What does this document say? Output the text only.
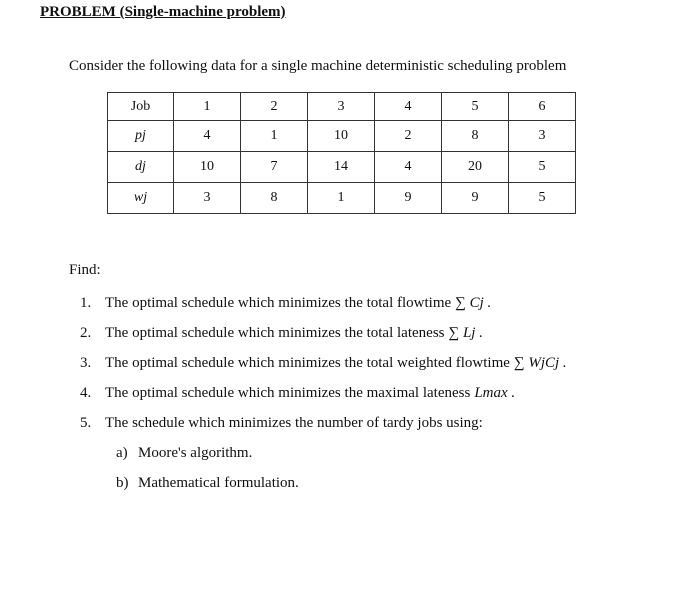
PROBLEM (Single-machine problem)
Consider the following data for a single machine deterministic scheduling problem
Job	1	2	3	4	5	6
pj	4	1	10	2	8	3
dj	10	7	14	4	20	5
wj	3	8	1	9	9	5
Find:
1. The optimal schedule which minimizes the total flowtime ∑ Cj .
2. The optimal schedule which minimizes the total lateness ∑ Lj .
3. The optimal schedule which minimizes the total weighted flowtime ∑ WjCj .
4. The optimal schedule which minimizes the maximal lateness Lmax .
5. The schedule which minimizes the number of tardy jobs using:
a) Moore's algorithm.
b) Mathematical formulation.
